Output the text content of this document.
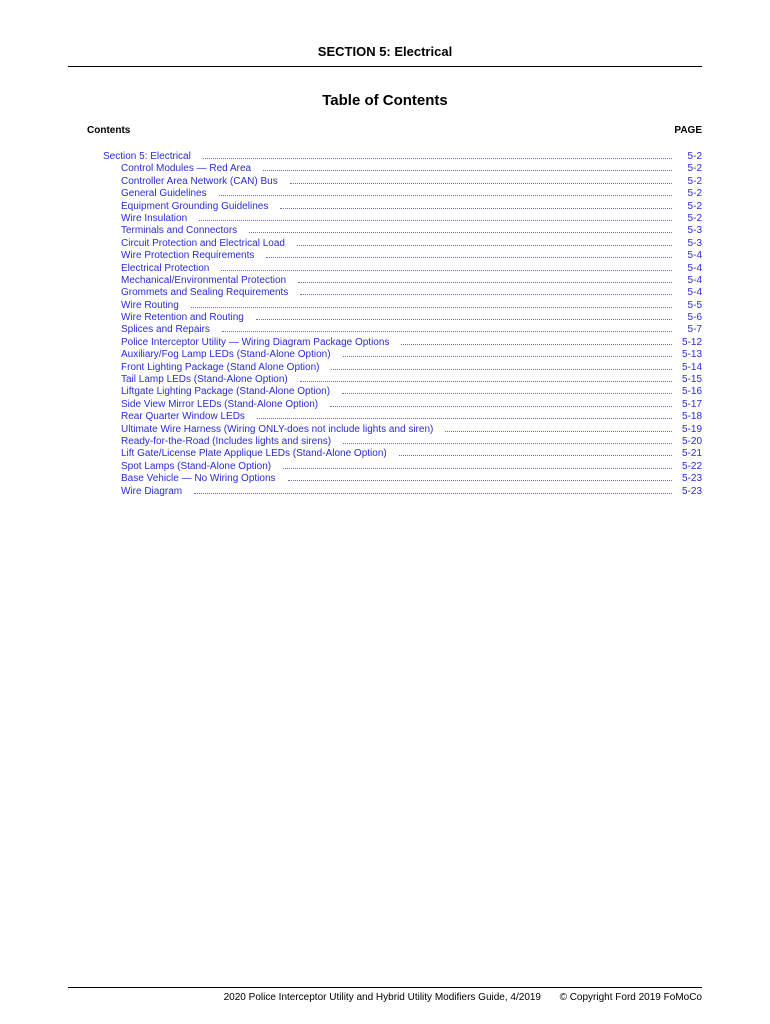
SECTION 5: Electrical
Table of Contents
Contents	PAGE
Section 5: Electrical	5-2
Control Modules — Red Area	5-2
Controller Area Network (CAN) Bus	5-2
General Guidelines	5-2
Equipment Grounding Guidelines	5-2
Wire Insulation	5-2
Terminals and Connectors	5-3
Circuit Protection and Electrical Load	5-3
Wire Protection Requirements	5-4
Electrical Protection	5-4
Mechanical/Environmental Protection	5-4
Grommets and Sealing Requirements	5-4
Wire Routing	5-5
Wire Retention and Routing	5-6
Splices and Repairs	5-7
Police Interceptor Utility — Wiring Diagram Package Options	5-12
Auxiliary/Fog Lamp LEDs (Stand-Alone Option)	5-13
Front Lighting Package (Stand Alone Option)	5-14
Tail Lamp LEDs (Stand-Alone Option)	5-15
Liftgate Lighting Package (Stand-Alone Option)	5-16
Side View Mirror LEDs (Stand-Alone Option)	5-17
Rear Quarter Window LEDs	5-18
Ultimate Wire Harness (Wiring ONLY-does not include lights and siren)	5-19
Ready-for-the-Road (Includes lights and sirens)	5-20
Lift Gate/License Plate Applique LEDs (Stand-Alone Option)	5-21
Spot Lamps (Stand-Alone Option)	5-22
Base Vehicle — No Wiring Options	5-23
Wire Diagram	5-23
2020 Police Interceptor Utility and Hybrid Utility Modifiers Guide, 4/2019 © Copyright Ford 2019 FoMoCo
